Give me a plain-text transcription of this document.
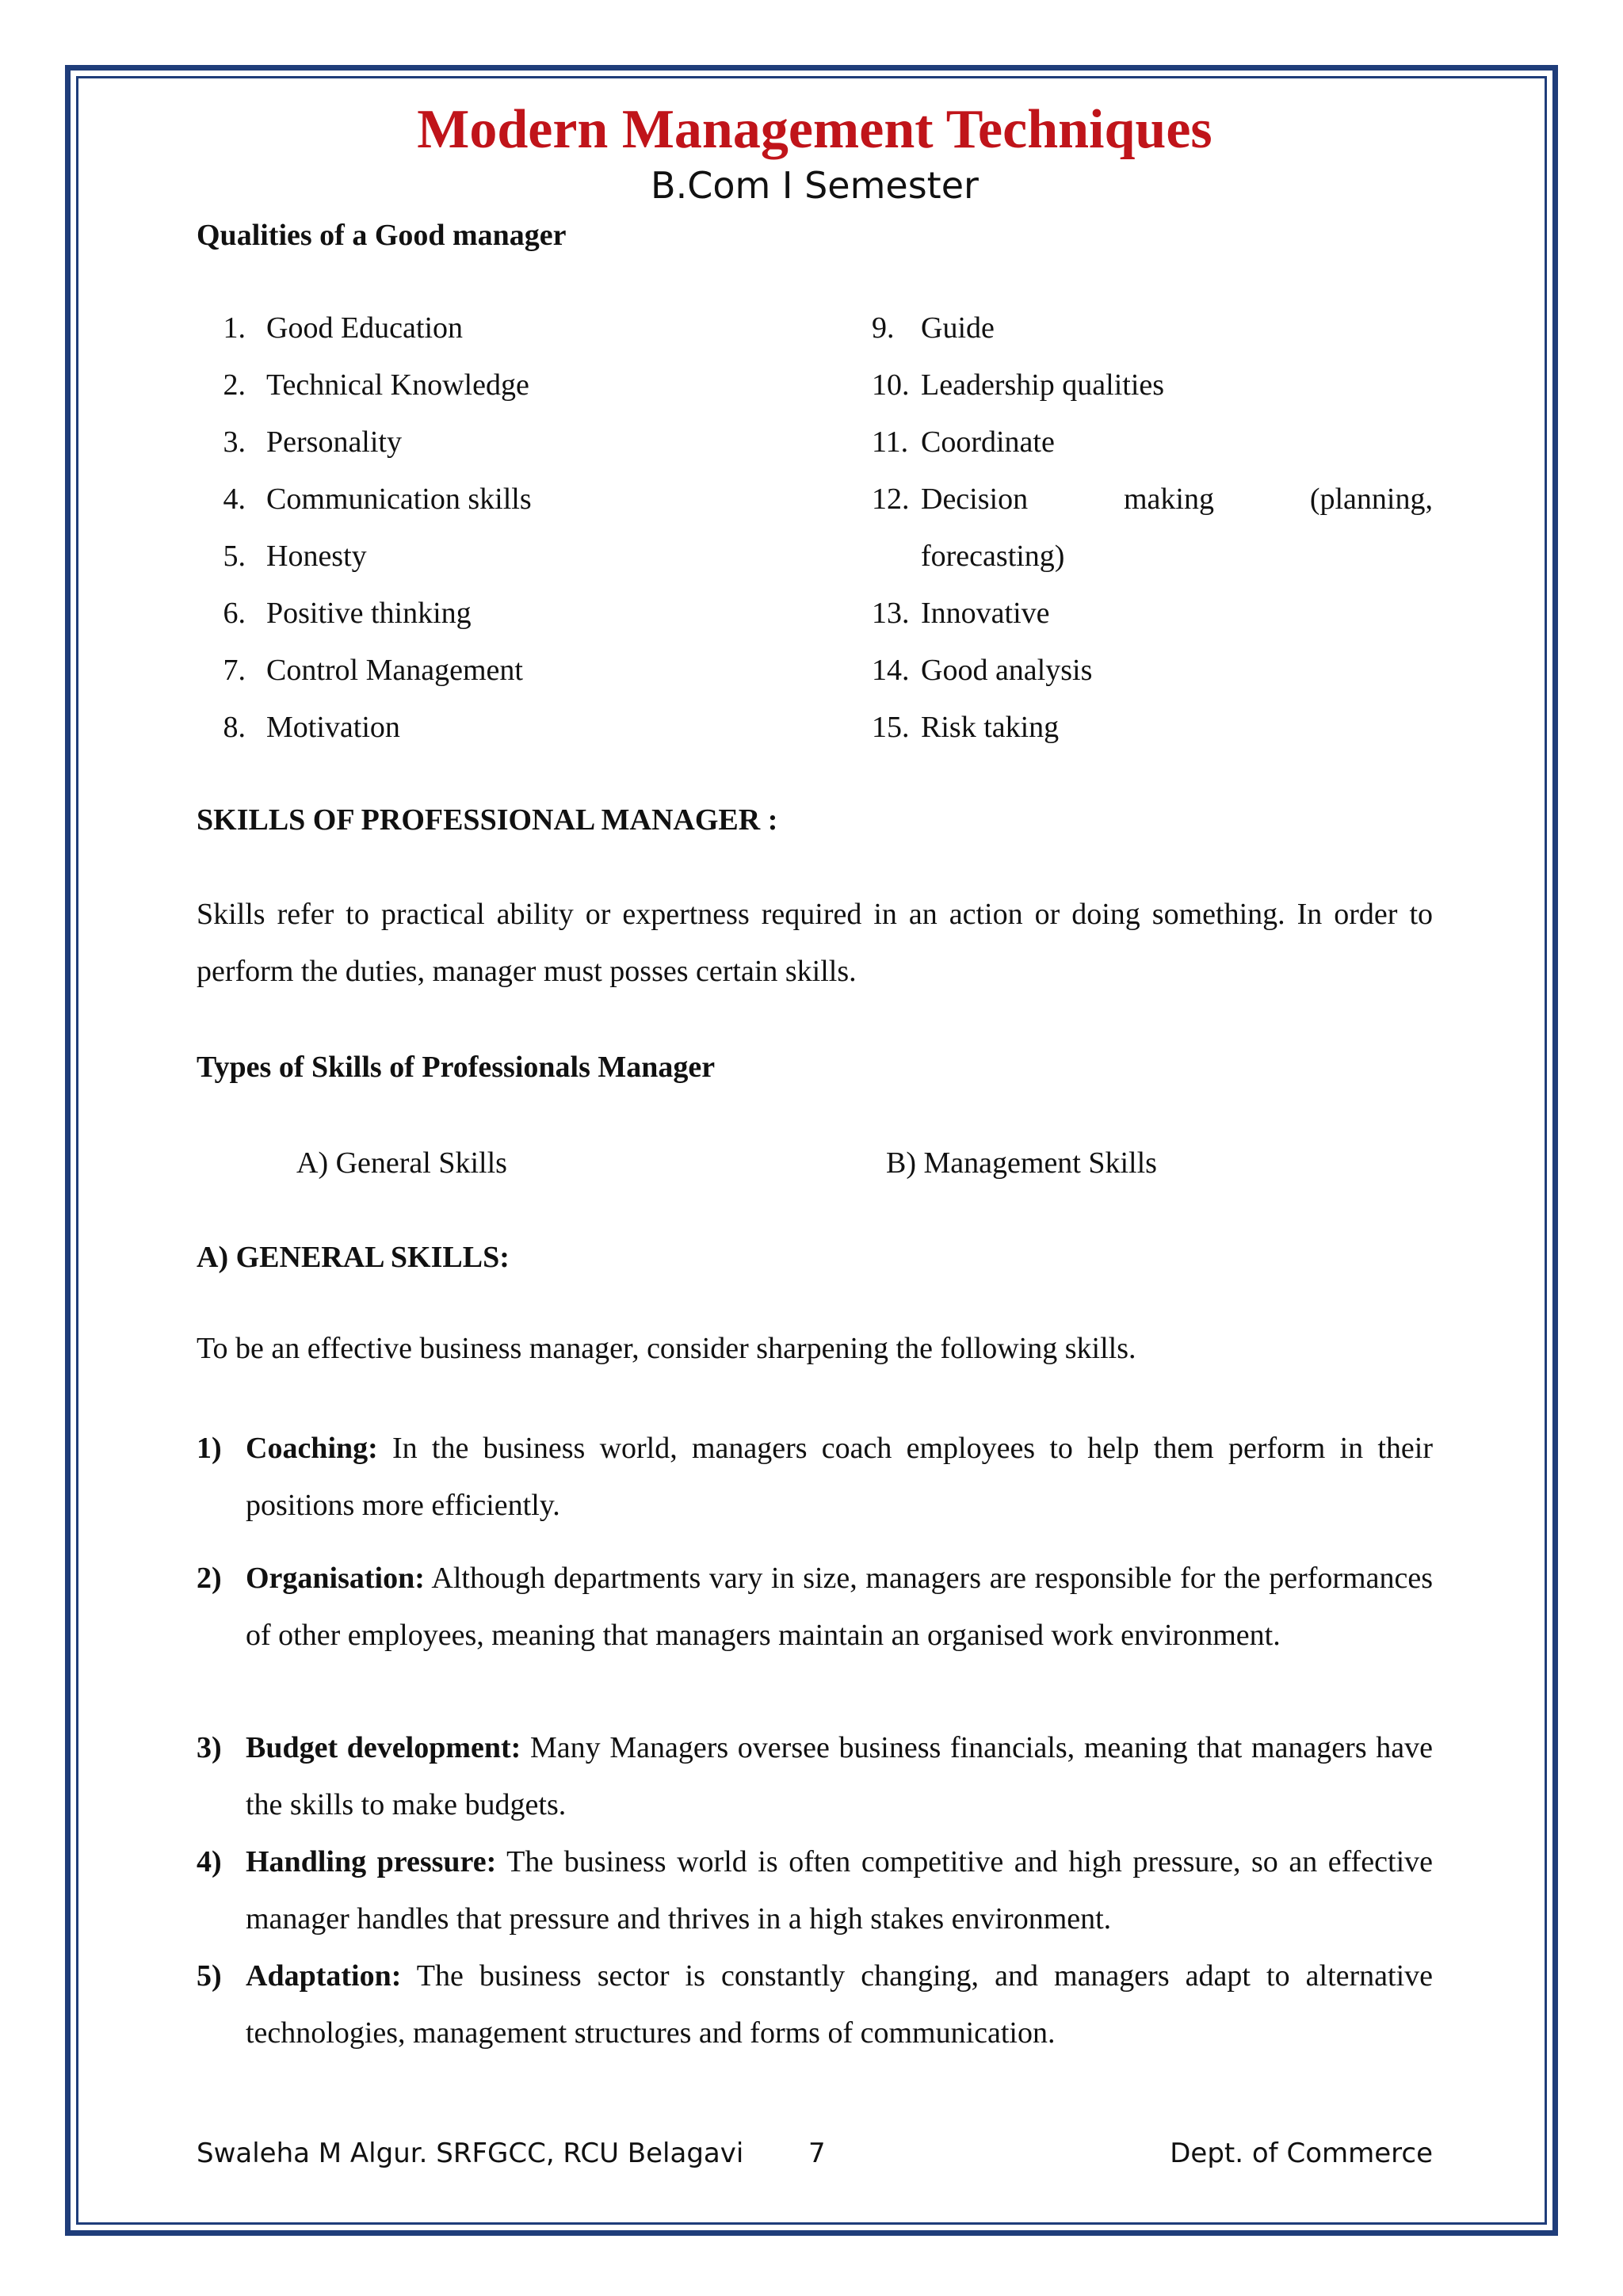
Modern Management Techniques
B.Com I Semester
Qualities of a Good manager
1. Good Education
2. Technical Knowledge
3. Personality
4. Communication skills
5. Honesty
6. Positive thinking
7. Control Management
8. Motivation
9. Guide
10. Leadership qualities
11. Coordinate
12. Decision	making	(planning,
forecasting)
13. Innovative
14. Good analysis
15. Risk taking
SKILLS OF PROFESSIONAL MANAGER :

Skills refer to practical ability or expertness required in an action or doing something. In order to perform the duties, manager must posses certain skills.

Types of Skills of Professionals Manager
A) General Skills	B) Management Skills
A) GENERAL SKILLS:

To be an effective business manager, consider sharpening the following skills.

1) Coaching: In the business world, managers coach employees to help them perform in their positions more efficiently.
2) Organisation: Although departments vary in size, managers are responsible for the performances of other employees, meaning that managers maintain an organised work environment.
3) Budget development: Many Managers oversee business financials, meaning that managers have the skills to make budgets.
4) Handling pressure: The business world is often competitive and high pressure, so an effective manager handles that pressure and thrives in a high stakes environment.
5) Adaptation: The business sector is constantly changing, and managers adapt to alternative technologies, management structures and forms of communication.
Swaleha M Algur. SRFGCC, RCU Belagavi 7	Dept. of Commerce
